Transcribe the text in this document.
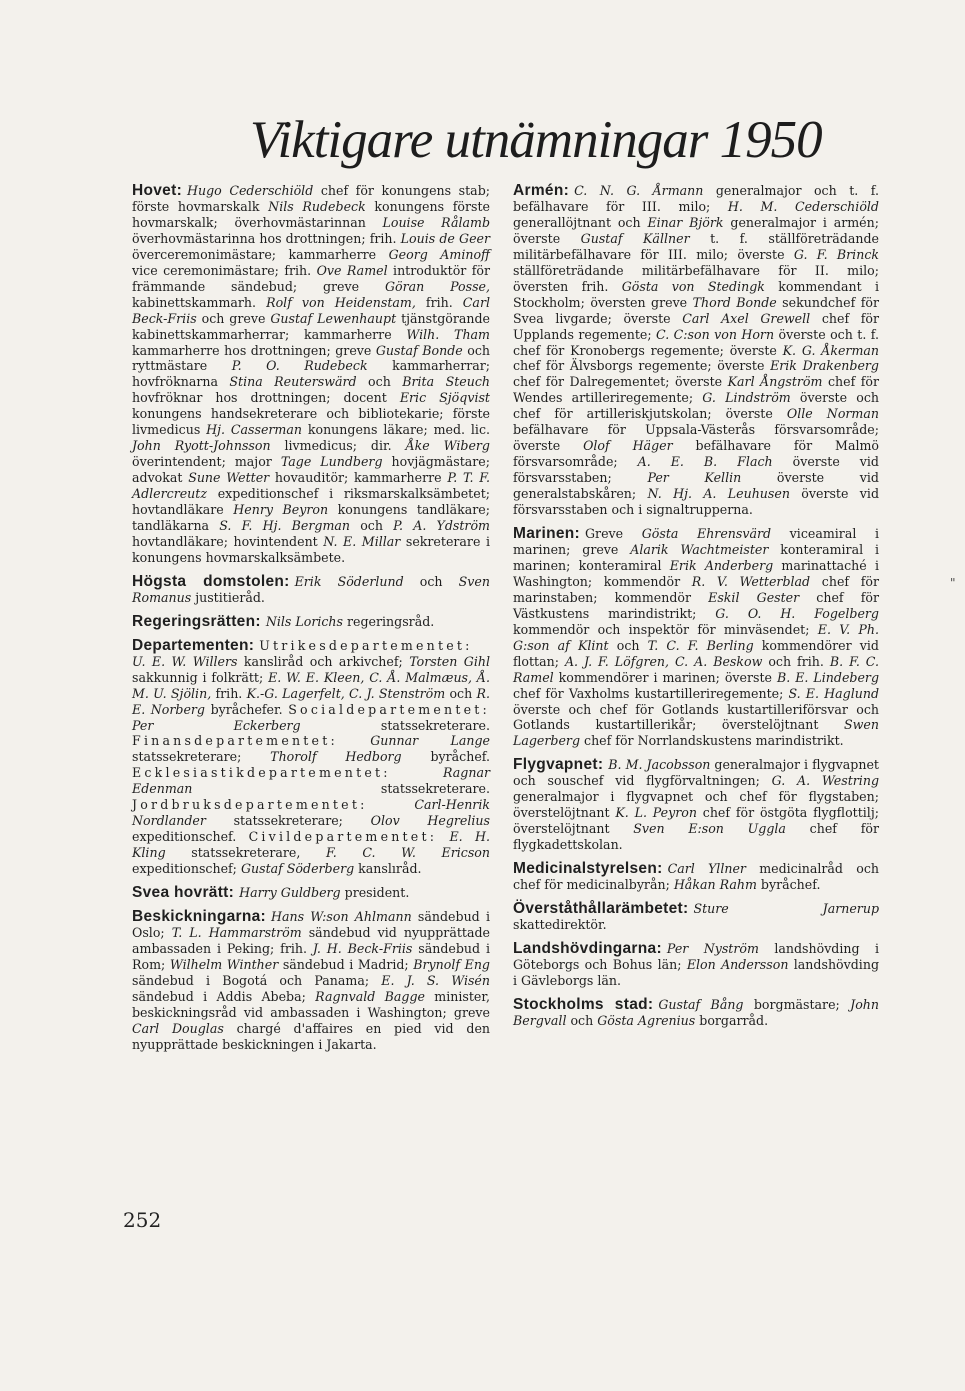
Viktigare utnämningar 1950

Hovet: Hugo Cederschiöld chef för konungens stab; förste hovmarskalk Nils Rudebeck konungens förste hovmarskalk; överhovmästarinnan Louise Rålamb överhovmästarinna hos drottningen; frih. Louis de Geer överceremonimästare; kammarherre Georg Aminoff vice ceremonimästare; frih. Ove Ramel introduktör för främmande sändebud; greve Göran Posse, kabinettskammarh. Rolf von Heidenstam, frih. Carl Beck-Friis och greve Gustaf Lewenhaupt tjänstgörande kabinettskammarherrar; kammarherre Wilh. Tham kammarherre hos drottningen; greve Gustaf Bonde och ryttmästare P. O. Rudebeck kammarherrar; hovfröknarna Stina Reuterswärd och Brita Steuch hovfröknar hos drottningen; docent Eric Sjöqvist konungens handsekreterare och bibliotekarie; förste livmedicus Hj. Casserman konungens läkare; med. lic. John Ryott-Johnsson livmedicus; dir. Åke Wiberg överintendent; major Tage Lundberg hovjägmästare; advokat Sune Wetter hovauditör; kammarherre P. T. F. Adlercreutz expeditionschef i riksmarskalksämbetet; hovtandläkare Henry Beyron konungens tandläkare; tandläkarna S. F. Hj. Bergman och P. A. Ydström hovtandläkare; hovintendent N. E. Millar sekreterare i konungens hovmarskalksämbete.

Högsta domstolen: Erik Söderlund och Sven Romanus justitieråd.

Regeringsrätten: Nils Lorichs regeringsråd.

Departementen: Utrikesdepartementet: U. E. W. Willers kansliråd och arkivchef; Torsten Gihl sakkunnig i folkrätt; E. W. E. Kleen, C. Å. Malmæus, Å. M. U. Sjölin, frih. K.-G. Lagerfelt, C. J. Stenström och R. E. Norberg byråchefer. Socialdepartementet: Per Eckerberg statssekreterare. Finansdepartementet:	Gunnar Lange statssekreterare; Thorolf Hedborg byråchef. Ecklesiastikdepartementet:	Ragnar Edenman statssekreterare. Jordbruksdepartementet:	Carl-Henrik Nordlander statssekreterare; Olov Hegrelius expeditionschef. Civildepartementet: E. H. Kling statssekreterare, F. C. W. Ericson expeditionschef; Gustaf Söderberg kanslıråd.

Svea hovrätt: Harry Guldberg president.

Beskickningarna: Hans W:son Ahlmann sändebud i Oslo; T. L. Hammarström sändebud vid nyupprättade ambassaden i Peking; frih. J. H. Beck-Friis sändebud i Rom; Wilhelm Winther sändebud i Madrid; Brynolf Eng sändebud i Bogotá och Panama; E. J. S. Wisén sändebud i Addis Abeba; Ragnvald Bagge minister, beskickningsråd vid ambassaden i Washington; greve Carl Douglas chargé d'affaires en pied vid den nyupprättade beskickningen i Jakarta.

Armén: C. N. G. Årmann generalmajor och t. f. befälhavare för III. milo; H. M. Cederschiöld generallöjtnant och Einar Björk generalmajor i armén; överste Gustaf Källner t. f. ställföreträdande militärbefälhavare för III. milo; överste G. F. Brinck ställföreträdande militärbefälhavare för II. milo; översten frih. Gösta von Stedingk kommendant i Stockholm; översten greve Thord Bonde sekundchef för Svea livgarde; överste Carl Axel Grewell chef för Upplands regemente; C. C:son von Horn överste och t. f. chef för Kronobergs regemente; överste K. G. Åkerman chef för Älvsborgs regemente; överste Erik Drakenberg chef för Dalregementet; överste Karl Ångström chef för Wendes artilleriregemente; G. Lindström överste och chef för artilleriskjutskolan; överste Olle Norman befälhavare för Uppsala-Västerås försvarsområde; överste Olof Häger befälhavare för Malmö försvarsområde; A. E. B. Flach överste vid försvarsstaben; Per Kellin överste vid generalstabskåren; N. Hj. A. Leuhusen överste vid försvarsstaben och i signaltrupperna.

Marinen: Greve Gösta Ehrensvärd viceamiral i marinen; greve Alarik Wachtmeister konteramiral i marinen; konteramiral Erik Anderberg marinattaché i Washington; kommendör R. V. Wetterblad chef för marinstaben; kommendör Eskil Gester chef för Västkustens marindistrikt; G. O. H. Fogelberg kommendör och inspektör för minväsendet; E. V. Ph. G:son af Klint och T. C. F. Berling kommendörer vid flottan; A. J. F. Löfgren, C. A. Beskow och frih. B. F. C. Ramel kommendörer i marinen; överste B. E. Lindeberg chef för Vaxholms kustartilleriregemente; S. E. Haglund överste och chef för Gotlands kustartilleriförsvar och Gotlands kustartillerikår; överstelöjtnant Swen Lagerberg chef för Norrlandskustens marindistrikt.

Flygvapnet: B. M. Jacobsson generalmajor i flygvapnet och souschef vid flygförvaltningen; G. A. Westring generalmajor i flygvapnet och chef för flygstaben; överstelöjtnant K. L. Peyron chef för östgöta flygflottilj; överstelöjtnant Sven E:son Uggla chef för flygkadettskolan.

Medicinalstyrelsen: Carl Yllner medicinalråd och chef för medicinalbyrån; Håkan Rahm byråchef.

Överståthållarämbetet: Sture Jarnerup skattedirektör.

Landshövdingarna: Per Nyström landshövding i Göteborgs och Bohus län; Elon Andersson landshövding i Gävleborgs län.

Stockholms stad: Gustaf Bång borgmästare; John Bergvall och Gösta Agrenius borgarråd.

"
252
